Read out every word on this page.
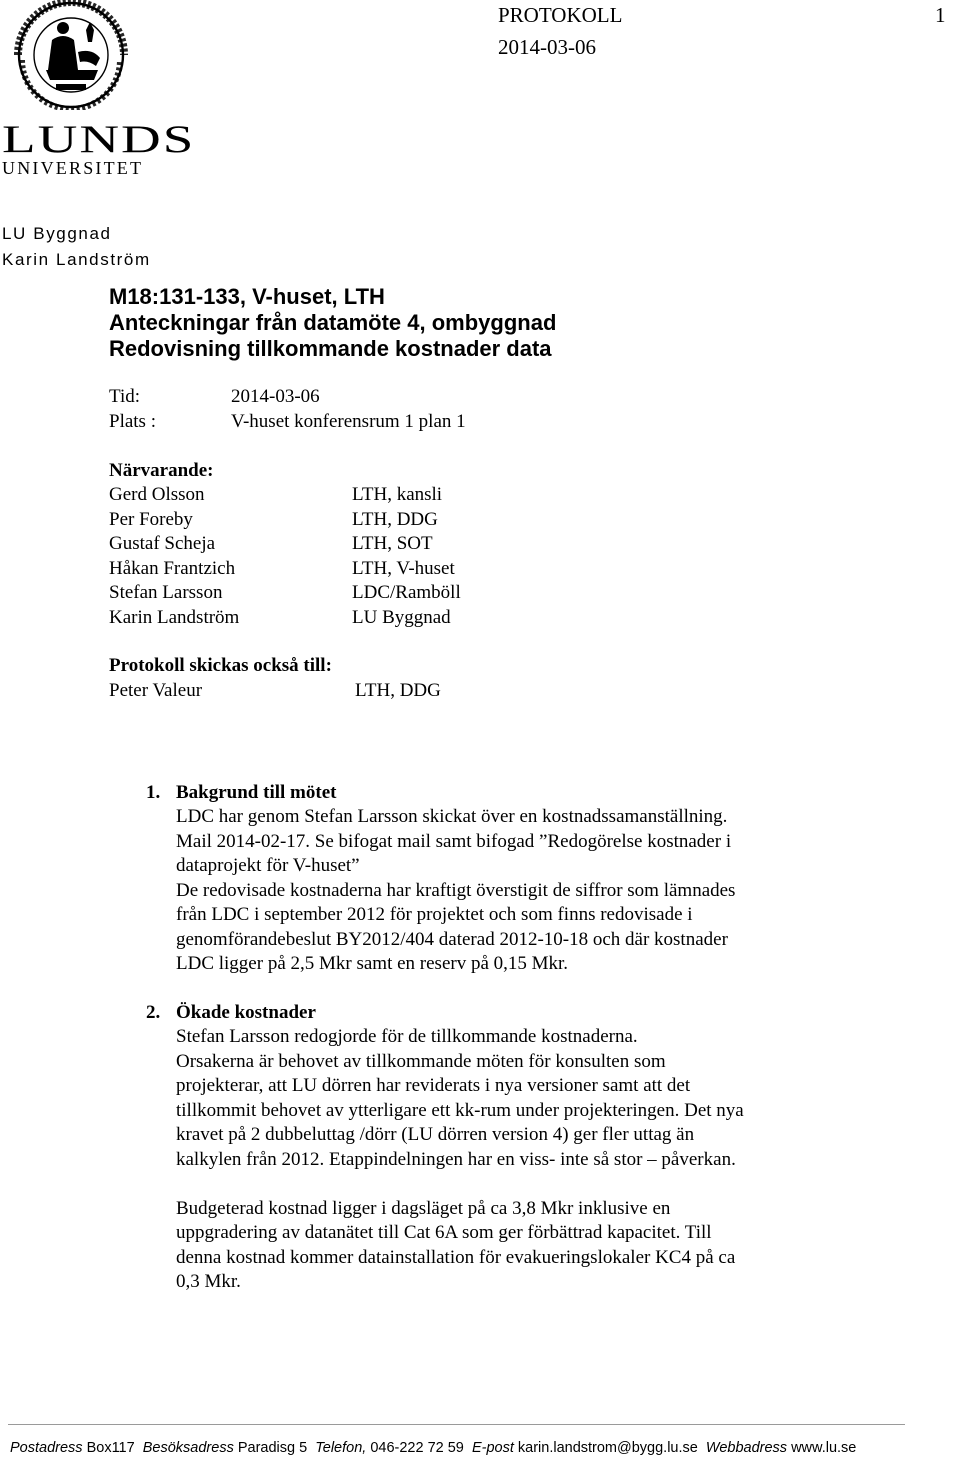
PROTOKOLL	1
2014-03-06
LUNDS
UNIVERSITET
LU Byggnad
Karin Landström
M18:131-133, V-huset, LTH
Anteckningar från datamöte 4, ombyggnad
Redovisning tillkommande kostnader data
Tid:	2014-03-06
Plats :	V-huset konferensrum 1 plan 1
Närvarande:
Gerd Olsson	LTH, kansli
Per Foreby	LTH, DDG
Gustaf Scheja	LTH, SOT
Håkan Frantzich	LTH, V-huset
Stefan Larsson	LDC/Ramböll
Karin Landström	LU Byggnad
Protokoll skickas också till:
Peter Valeur	LTH, DDG
1. Bakgrund till mötet
LDC har genom Stefan Larsson skickat över en kostnadssamanställning.
Mail 2014-02-17. Se bifogat mail samt bifogad ”Redogörelse kostnader i
dataprojekt för V-huset”
De redovisade kostnaderna har kraftigt överstigit de siffror som lämnades
från LDC i september 2012 för projektet och som finns redovisade i
genomförandebeslut BY2012/404 daterad 2012-10-18 och där kostnader
LDC ligger på 2,5 Mkr samt en reserv på 0,15 Mkr.
2. Ökade kostnader
Stefan Larsson redogjorde för de tillkommande kostnaderna.
Orsakerna är behovet av tillkommande möten för konsulten som
projekterar, att LU dörren har reviderats i nya versioner samt att det
tillkommit behovet av ytterligare ett kk-rum under projekteringen. Det nya
kravet på 2 dubbeluttag /dörr (LU dörren version 4) ger fler uttag än
kalkylen från 2012. Etappindelningen har en viss- inte så stor – påverkan.
Budgeterad kostnad ligger i dagsläget på ca 3,8 Mkr inklusive en
uppgradering av datanätet till Cat 6A som ger förbättrad kapacitet. Till
denna kostnad kommer datainstallation för evakueringslokaler KC4 på ca
0,3 Mkr.
Postadress Box117 Besöksadress Paradisg 5 Telefon, 046-222 72 59 E-post karin.landstrom@bygg.lu.se Webbadress www.lu.se
